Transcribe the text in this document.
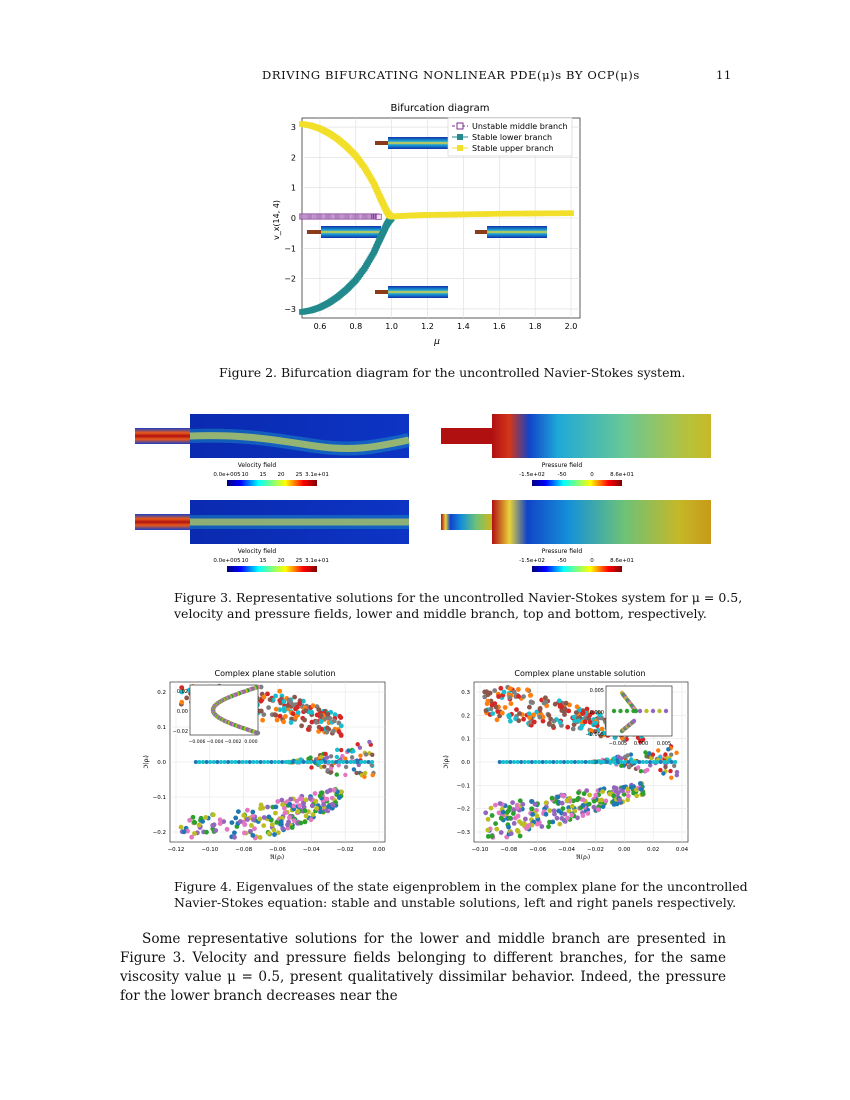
DRIVING BIFURCATING NONLINEAR PDE(μ)s BY OCP(μ)s	11
Bifurcation diagram
0.6	0.8	1.0	1.2	1.4	1.6	1.8	2.0
−3
−2
−1
0
1
2
3
μ
v_x(14, 4)
Unstable middle branch
Stable lower branch
Stable upper branch
Figure 2. Bifurcation diagram for the uncontrolled Navier-Stokes system.
Velocity field
0.0e+005 10 15 20 25 3.1e+01
Pressure field
-1.5e+02 -50	0	8.6e+01
Velocity field
0.0e+005 10 15 20 25 3.1e+01
Pressure field
-1.5e+02 -50	0	8.6e+01
Figure 3. Representative solutions for the uncontrolled Navier-Stokes system for μ = 0.5,
velocity and pressure fields, lower and middle branch, top and bottom, respectively.
Complex plane stable solution
−0.12	−0.10	−0.08	−0.06	−0.04	−0.02	0.00
0.2
0.1
0.0
−0.1
−0.2
0.02
0.00
−0.02
−0.006 −0.004 −0.002 0.000
ℜ(ρᵢ)
ℑ(ρᵢ)
Complex plane unstable solution
−0.10 −0.08 −0.06 −0.04 −0.02	0.00	0.02	0.04
0.3
0.2
0.1
0.0
−0.1
−0.2
−0.3
0.005
0.000
−0.005
−0.005 0.000 0.005
ℜ(ρᵢ)
ℑ(ρᵢ)
Figure 4. Eigenvalues of the state eigenproblem in the complex plane for the uncontrolled
Navier-Stokes equation: stable and unstable solutions, left and right panels respectively.

Some representative solutions for the lower and middle branch are presented in Figure 3. Velocity and pressure fields belonging to different branches, for the same viscosity value μ = 0.5, present qualitatively dissimilar behavior. Indeed, the pressure for the lower branch decreases near the
